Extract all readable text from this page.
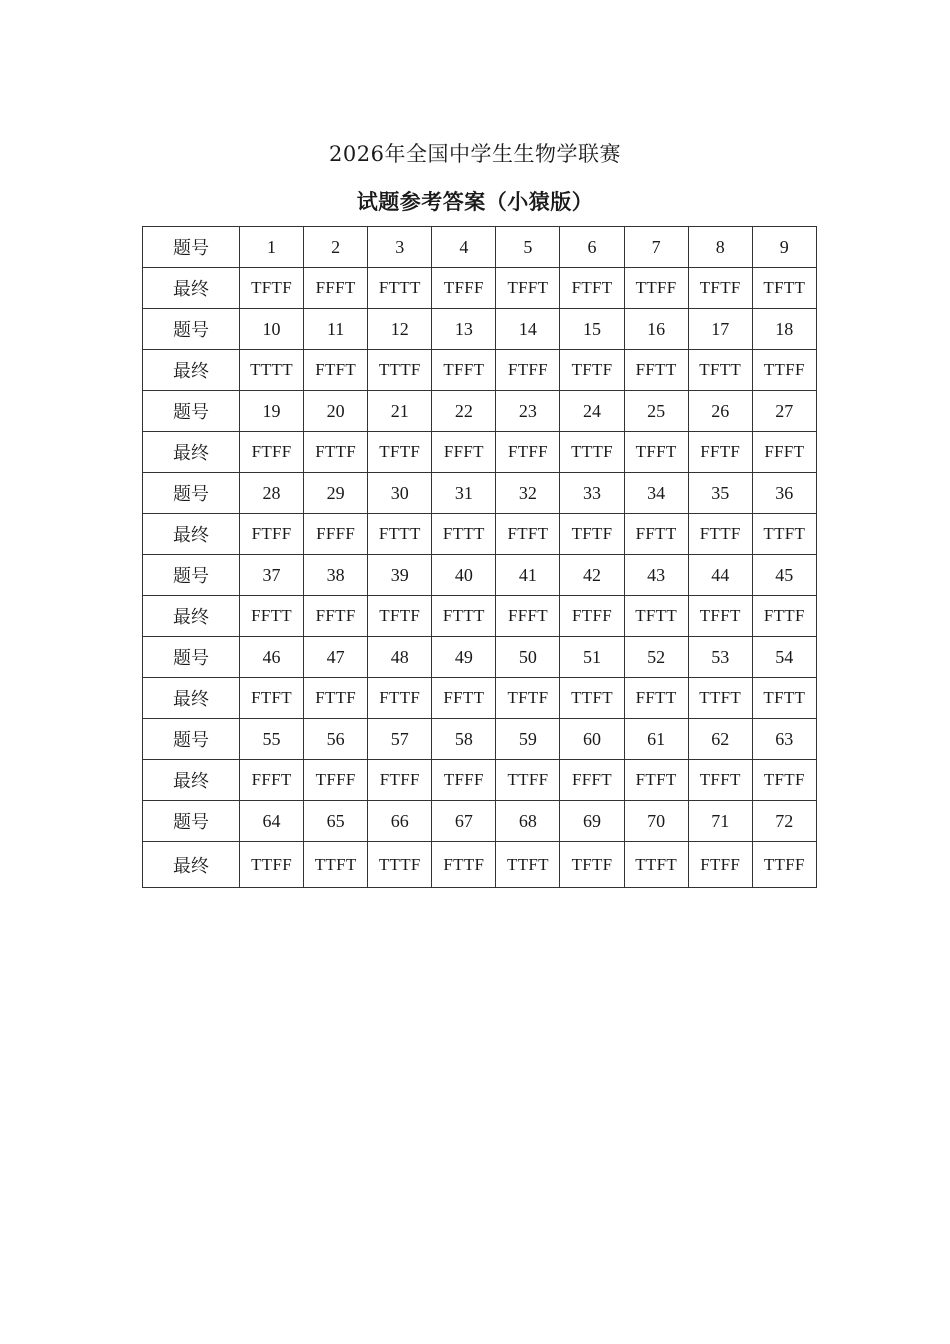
2026年全国中学生生物学联赛
试题参考答案（小猿版）
题号	1	2	3	4	5	6	7	8	9
最终	TFTF	FFFT	FTTT	TFFF	TFFT	FTFT	TTFF	TFTF	TFTT
题号	10	11	12	13	14	15	16	17	18
最终	TTTT	FTFT	TTTF	TFFT	FTFF	TFTF	FFTT	TFTT	TTFF
题号	19	20	21	22	23	24	25	26	27
最终	FTFF	FTTF	TFTF	FFFT	FTFF	TTTF	TFFT	FFTF	FFFT
题号	28	29	30	31	32	33	34	35	36
最终	FTFF	FFFF	FTTT	FTTT	FTFT	TFTF	FFTT	FTTF	TTFT
题号	37	38	39	40	41	42	43	44	45
最终	FFTT	FFTF	TFTF	FTTT	FFFT	FTFF	TFTT	TFFT	FTTF
题号	46	47	48	49	50	51	52	53	54
最终	FTFT	FTTF	FTTF	FFTT	TFTF	TTFT	FFTT	TTFT	TFTT
题号	55	56	57	58	59	60	61	62	63
最终	FFFT	TFFF	FTFF	TFFF	TTFF	FFFT	FTFT	TFFT	TFTF
题号	64	65	66	67	68	69	70	71	72
最终	TTFF	TTFT	TTTF	FTTF	TTFT	TFTF	TTFT	FTFF	TTFF
